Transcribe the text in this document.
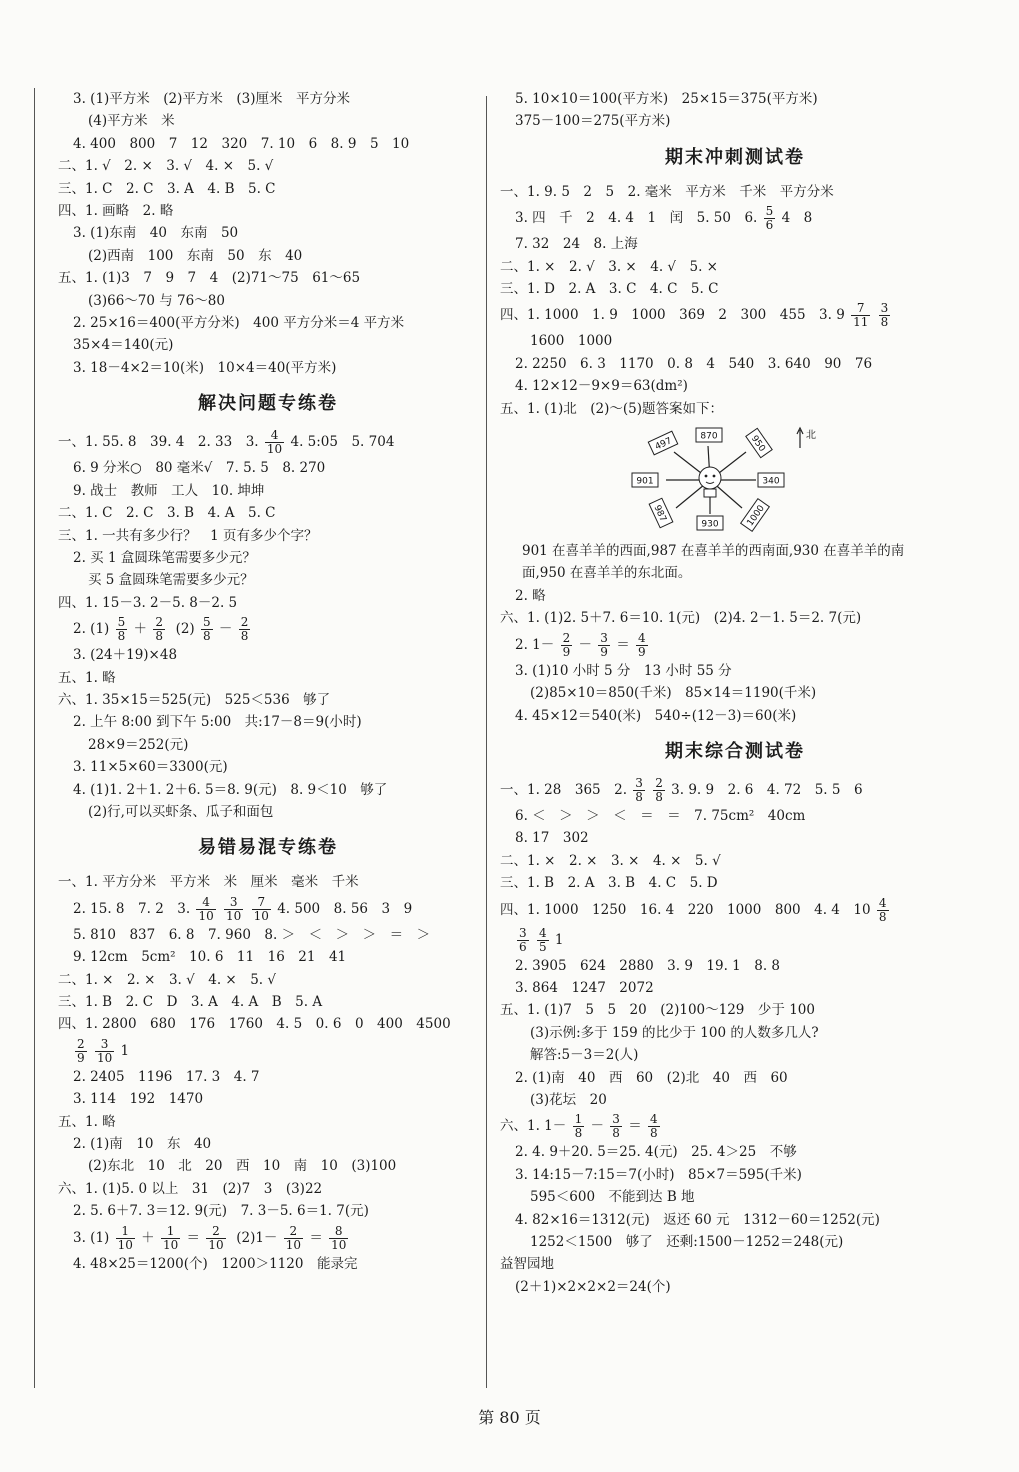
3. (1)平方米　(2)平方米　(3)厘米　平方分米
(4)平方米　米
4. 400　800　7　12　320　7. 10　6　8. 9　5　10
二、1. √　2. ×　3. √　4. ×　5. √
三、1. C　2. C　3. A　4. B　5. C
四、1. 画略　2. 略
3. (1)东南　40　东南　50
(2)西南　100　东南　50　东　40
五、1. (1)3　7　9　7　4　(2)71～75　61～65
(3)66～70 与 76～80
2. 25×16＝400(平方分米)　400 平方分米＝4 平方米
35×4＝140(元)
3. 18－4×2＝10(米)　10×4＝40(平方米)
解决问题专练卷
一、1. 55. 8　39. 4　2. 33　3. $\frac{4}{10} 4$. 5:05　5. 704
6. 9 分米○　80 毫米√　7. 5. 5　8. 270
9. 战士　教师　工人　10. 坤坤
二、1. C　2. C　3. B　4. A　5. C
三、1. 一共有多少行？　1 页有多少个字？
2. 买 1 盒圆珠笔需要多少元？
买 5 盒圆珠笔需要多少元？
四、1. 15－3. 2－5. 8－2. 5
2. $(1) \frac{5}{8} + \frac{2}{8} (2) \frac{5}{8} - \frac{2}{8}$
3. (24＋19)×48
五、1. 略
六、1. 35×15＝525(元)　525＜536　够了
2. 上午 8:00 到下午 5:00　共:17－8＝9(小时)
28×9＝252(元)
3. 11×5×60＝3300(元)
4. (1)1. 2＋1. 2＋6. 5＝8. 9(元)　8. 9＜10　够了
(2)行,可以买虾条、瓜子和面包
易错易混专练卷
一、1. 平方分米　平方米　米　厘米　毫米　千米
2. 15. 8　7. 2　3. $\frac{4}{10}$
$\frac{3}{10}$
$\frac{7}{10} 4$. 500　8. 56　3　9
5. 810　837　6. 8　7. 960　8. ＞　＜　＞　＞　＝　＞
9. 12cm　5cm²　10. 6　11　16　21　41
二、1. ×　2. ×　3. √　4. ×　5. √
三、1. B　2. C　D　3. A　4. A　B　5. A
四、1. 2800　680　176　1760　4. 5　0. 6　0　400　4500
$\frac{2}{9}$
$\frac{3}{10} 1$
2. 2405　1196　17. 3　4. 7
3. 114　192　1470
五、1. 略
2. (1)南　10　东　40
(2)东北　10　北　20　西　10　南　10　(3)100
六、1. (1)5. 0 以上　31　(2)7　3　(3)22
2. 5. 6＋7. 3＝12. 9(元)　7. 3－5. 6＝1. 7(元)
3. $(1) \frac{1}{10} + \frac{1}{10} = \frac{2}{10} (2)1- \frac{2}{10} = \frac{8}{10}$
4. 48×25＝1200(个)　1200＞1120　能录完
5. 10×10＝100(平方米)　25×15＝375(平方米)
375－100＝275(平方米)
期末冲刺测试卷
一、1. 9. 5　2　5　2. 毫米　平方米　千米　平方分米
3. 四　千　2　4. 4　1　闰　5. 50　6. $\frac{5}{6} 4$　8
7. 32　24　8. 上海
二、1. ×　2. √　3. ×　4. √　5. ×
三、1. D　2. A　3. C　4. C　5. C
四、1. 1000　1. 9　1000　369　2　300　455　3. $9 \frac{7}{11}$
$\frac{3}{8}$
1600　1000
2. 2250　6. 3　1170　0. 8　4　540　3. 640　90　76
4. 12×12－9×9＝63(dm²)
五、1. (1)北　(2)～(5)题答案如下：
870
497	950
901	340
987
930	1000
北
901 在喜羊羊的西面,987 在喜羊羊的西南面,930 在喜羊羊的南面,950 在喜羊羊的东北面。
2. 略
六、1. (1)2. 5＋7. 6＝10. 1(元)　(2)4. 2－1. 5＝2. 7(元)
2. $1- \frac{2}{9} - \frac{3}{9} = \frac{4}{9}$
3. (1)10 小时 5 分　13 小时 55 分
(2)85×10＝850(千米)　85×14＝1190(千米)
4. 45×12＝540(米)　540÷(12－3)＝60(米)
期末综合测试卷
一、1. 28　365　2. $\frac{3}{8}$
$\frac{2}{8} 3$. 9. 9　2. 6　4. 72　5. 5　6
6. ＜　＞　＞　＜　＝　＝　7. 75cm²　40cm
8. 17　302
二、1. ×　2. ×　3. ×　4. ×　5. √
三、1. B　2. A　3. B　4. C　5. D
四、1. 1000　1250　16. 4　220　1000　800　4. 4　$10 \frac{4}{8}$
$\frac{3}{6}$
$\frac{4}{5} 1$
2. 3905　624　2880　3. 9　19. 1　8. 8
3. 864　1247　2072
五、1. (1)7　5　5　20　(2)100～129　少于 100
(3)示例:多于 159 的比少于 100 的人数多几人?
解答:5－3＝2(人)
2. (1)南　40　西　60　(2)北　40　西　60
(3)花坛　20
六、1. $1- \frac{1}{8} - \frac{3}{8} = \frac{4}{8}$
2. 4. 9＋20. 5＝25. 4(元)　25. 4＞25　不够
3. 14:15－7:15＝7(小时)　85×7＝595(千米)
595＜600　不能到达 B 地
4. 82×16＝1312(元)　返还 60 元　1312－60＝1252(元)
1252＜1500　够了　还剩:1500－1252＝248(元)
益智园地
(2＋1)×2×2×2＝24(个)
第 80 页
